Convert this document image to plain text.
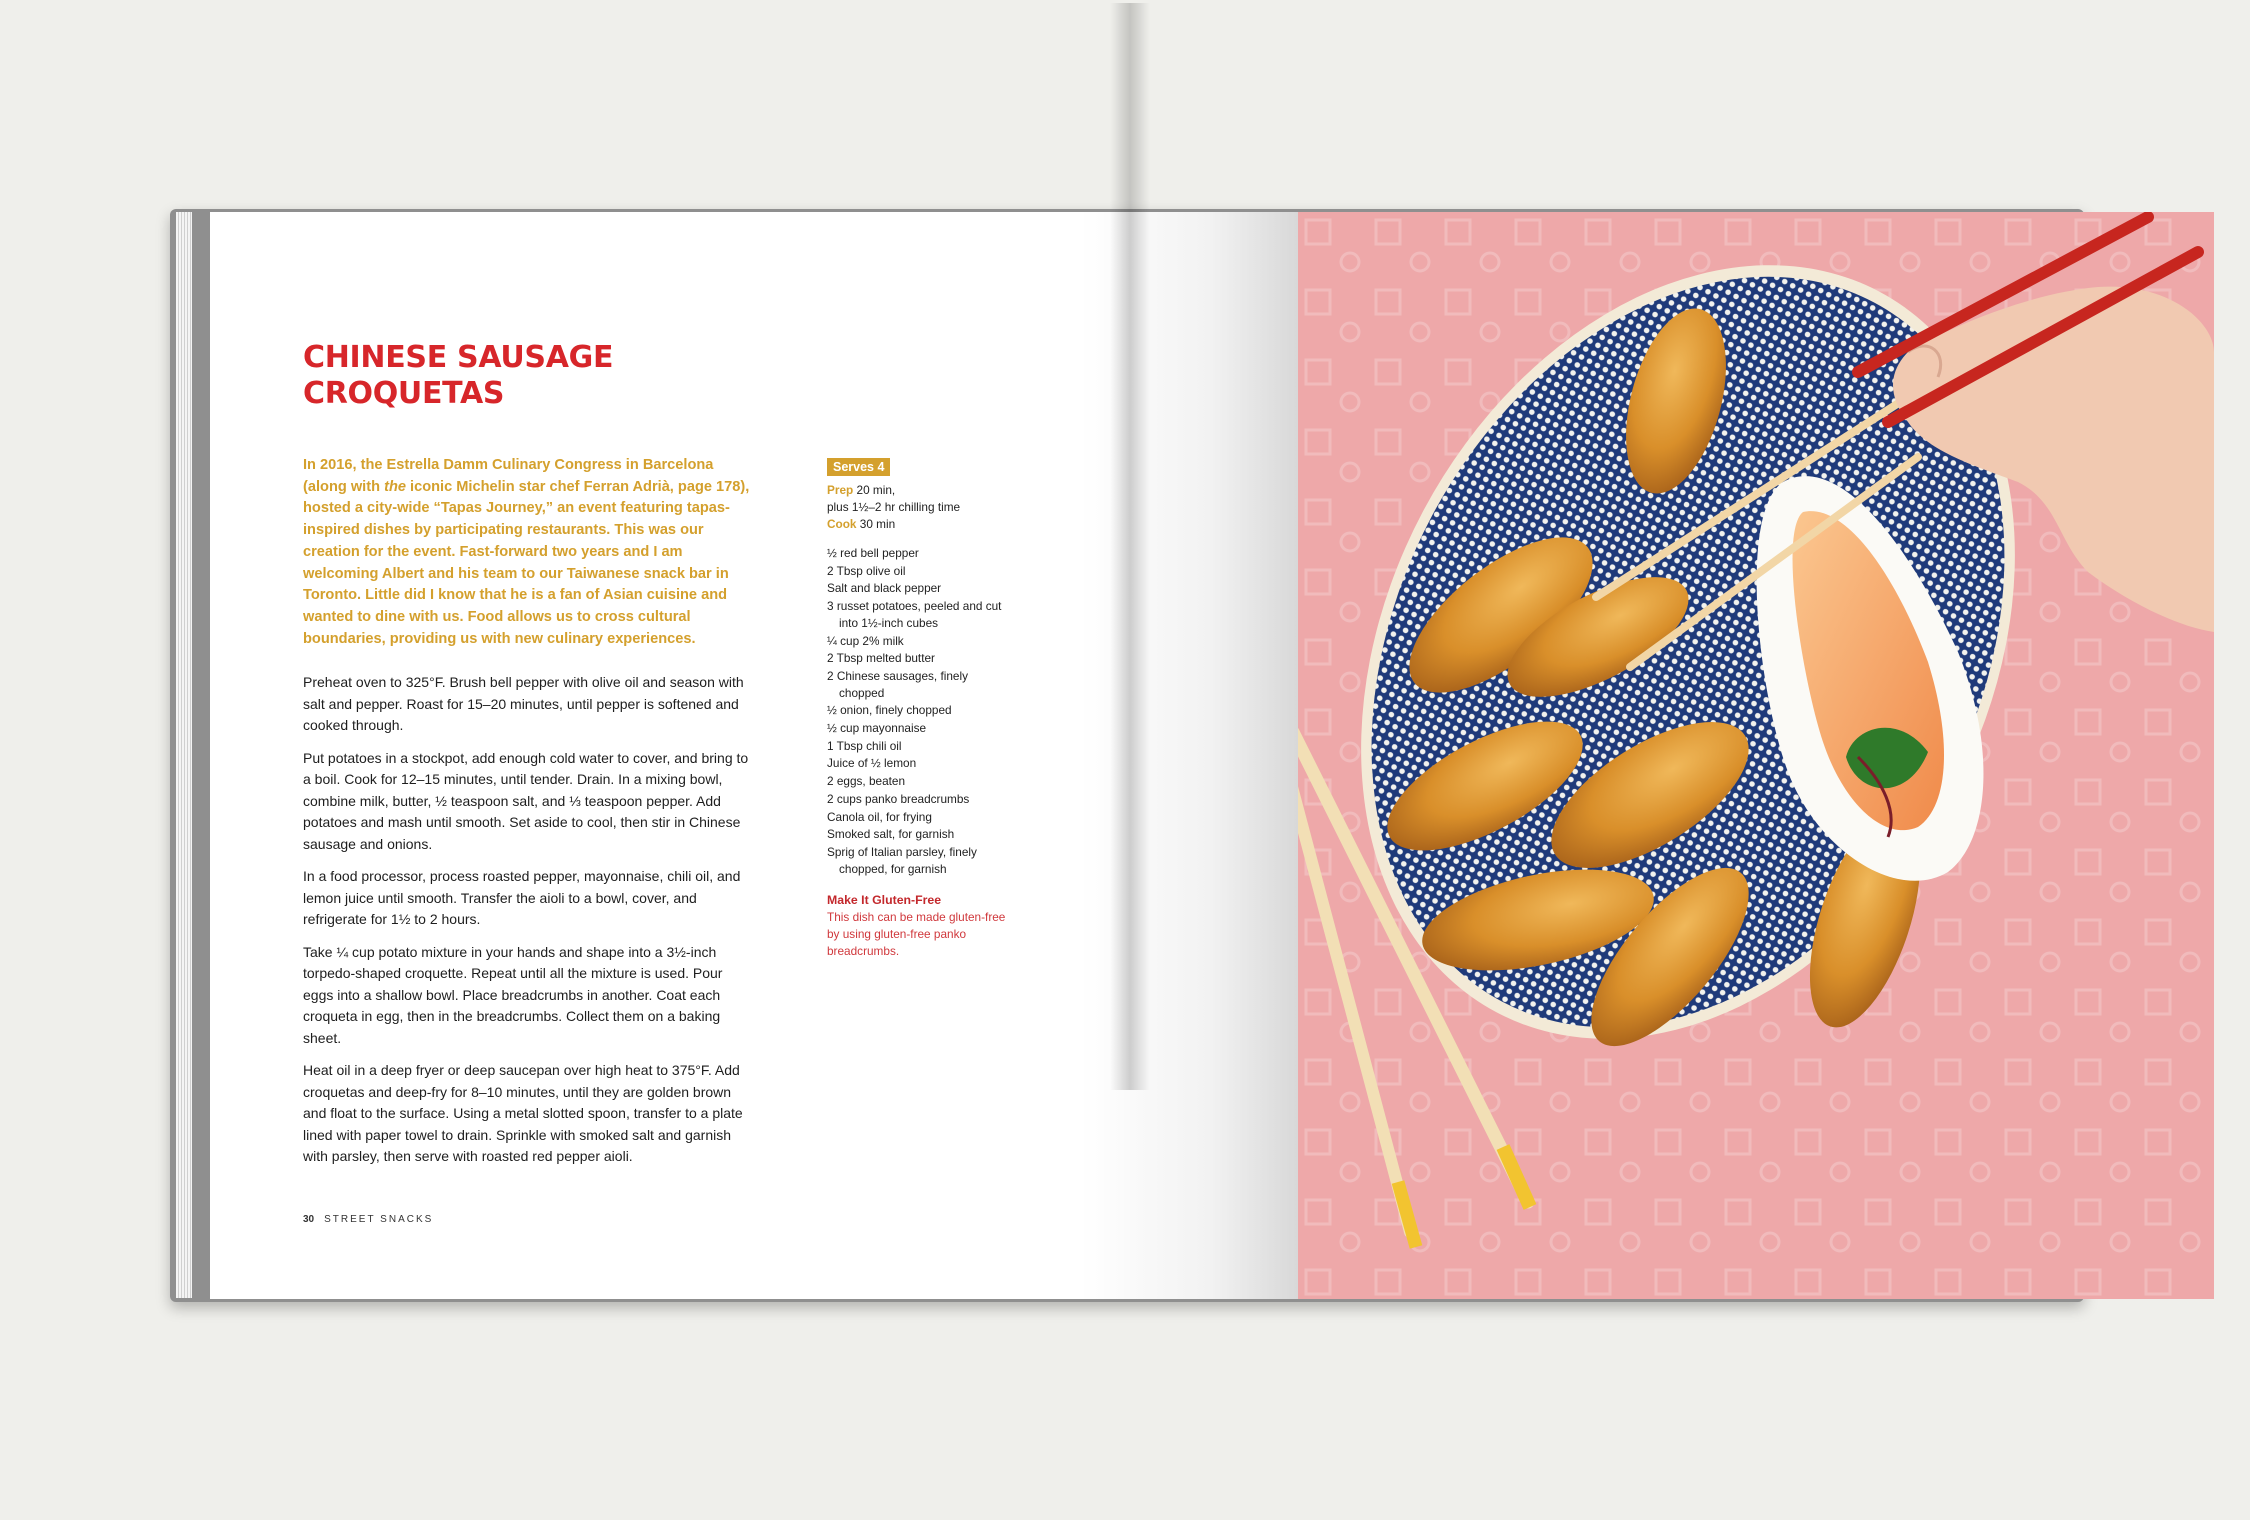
CHINESE SAUSAGE
CROQUETAS

In 2016, the Estrella Damm Culinary Congress in Barcelona (along with the iconic Michelin star chef Ferran Adrià, page 178), hosted a city-wide “Tapas Journey,” an event featuring tapas-inspired dishes by participating restaurants. This was our creation for the event. Fast-forward two years and I am welcoming Albert and his team to our Taiwanese snack bar in Toronto. Little did I know that he is a fan of Asian cuisine and wanted to dine with us. Food allows us to cross cultural boundaries, providing us with new culinary experiences.

Preheat oven to 325°F. Brush bell pepper with olive oil and season with salt and pepper. Roast for 15–20 minutes, until pepper is softened and cooked through.

Put potatoes in a stockpot, add enough cold water to cover, and bring to a boil. Cook for 12–15 minutes, until tender. Drain. In a mixing bowl, combine milk, butter, ½ teaspoon salt, and ⅓ teaspoon pepper. Add potatoes and mash until smooth. Set aside to cool, then stir in Chinese sausage and onions.

In a food processor, process roasted pepper, mayonnaise, chili oil, and lemon juice until smooth. Transfer the aioli to a bowl, cover, and refrigerate for 1½ to 2 hours.

Take ¼ cup potato mixture in your hands and shape into a 3½-inch torpedo-shaped croquette. Repeat until all the mixture is used. Pour eggs into a shallow bowl. Place breadcrumbs in another. Coat each croqueta in egg, then in the breadcrumbs. Collect them on a baking sheet.

Heat oil in a deep fryer or deep saucepan over high heat to 375°F. Add croquetas and deep-fry for 8–10 minutes, until they are golden brown and float to the surface. Using a metal slotted spoon, transfer to a plate lined with paper towel to drain. Sprinkle with smoked salt and garnish with parsley, then serve with roasted red pepper aioli.

Serves 4
Prep 20 min,
plus 1½–2 hr chilling time
Cook 30 min
½ red bell pepper
2 Tbsp olive oil
Salt and black pepper
3 russet potatoes, peeled and cut into 1½-inch cubes
¼ cup 2% milk
2 Tbsp melted butter
2 Chinese sausages, finely chopped
½ onion, finely chopped
½ cup mayonnaise
1 Tbsp chili oil
Juice of ½ lemon
2 eggs, beaten
2 cups panko breadcrumbs
Canola oil, for frying
Smoked salt, for garnish
Sprig of Italian parsley, finely chopped, for garnish
Make It Gluten-Free
This dish can be made gluten-free by using gluten-free panko breadcrumbs.
30 STREET SNACKS
